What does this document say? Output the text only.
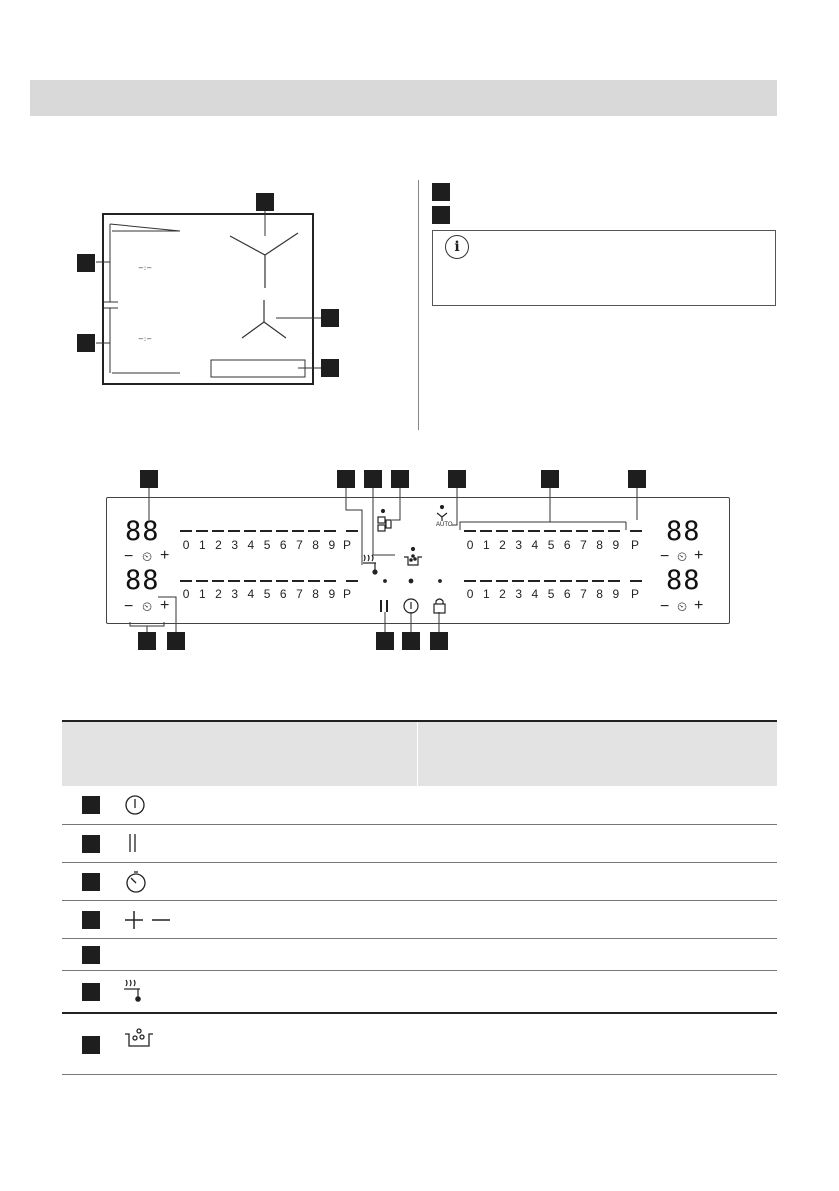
−:−
−:−
i
88
88
88
88
− ⏲ +
− ⏲ +
− ⏲ +
− ⏲ +
0 1 2 3 4 5 6 7 8 9 P
0 1 2 3 4 5 6 7 8 9 P
0 1 2 3 4 5 6 7 8 9 P
0 1 2 3 4 5 6 7 8 9 P
AUTO
